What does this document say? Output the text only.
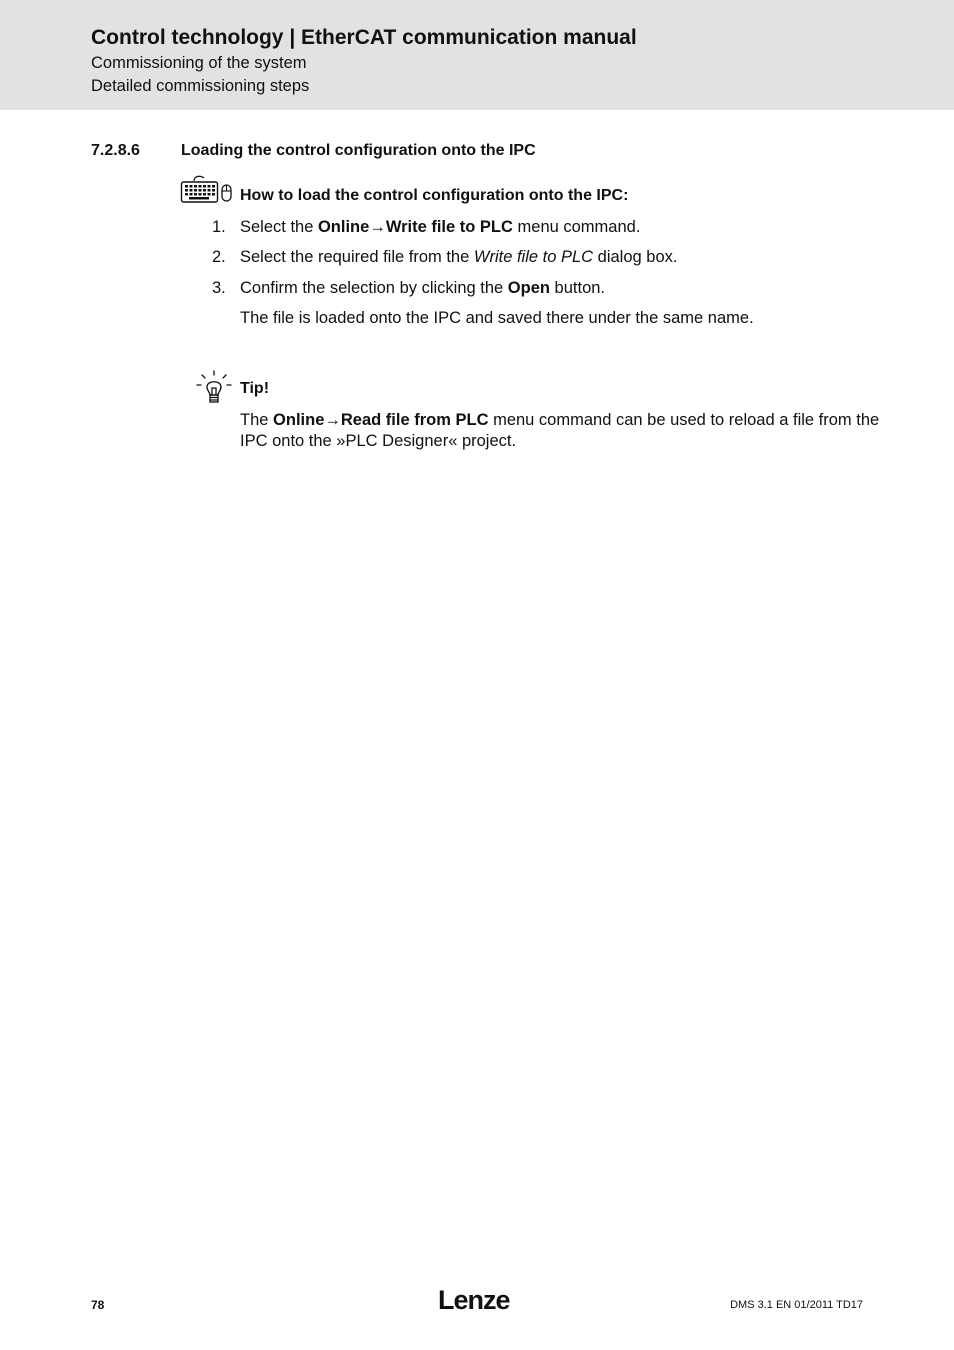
Control technology | EtherCAT communication manual
Commissioning of the system
Detailed commissioning steps
7.2.8.6	Loading the control configuration onto the IPC
How to load the control configuration onto the IPC:
1. Select the Online→Write file to PLC menu command.
2. Select the required file from the Write file to PLC dialog box.
3. Confirm the selection by clicking the Open button.
The file is loaded onto the IPC and saved there under the same name.
Tip!
The Online→Read file from PLC menu command can be used to reload a file from the IPC onto the »PLC Designer« project.
78	Lenze	DMS 3.1 EN 01/2011 TD17
